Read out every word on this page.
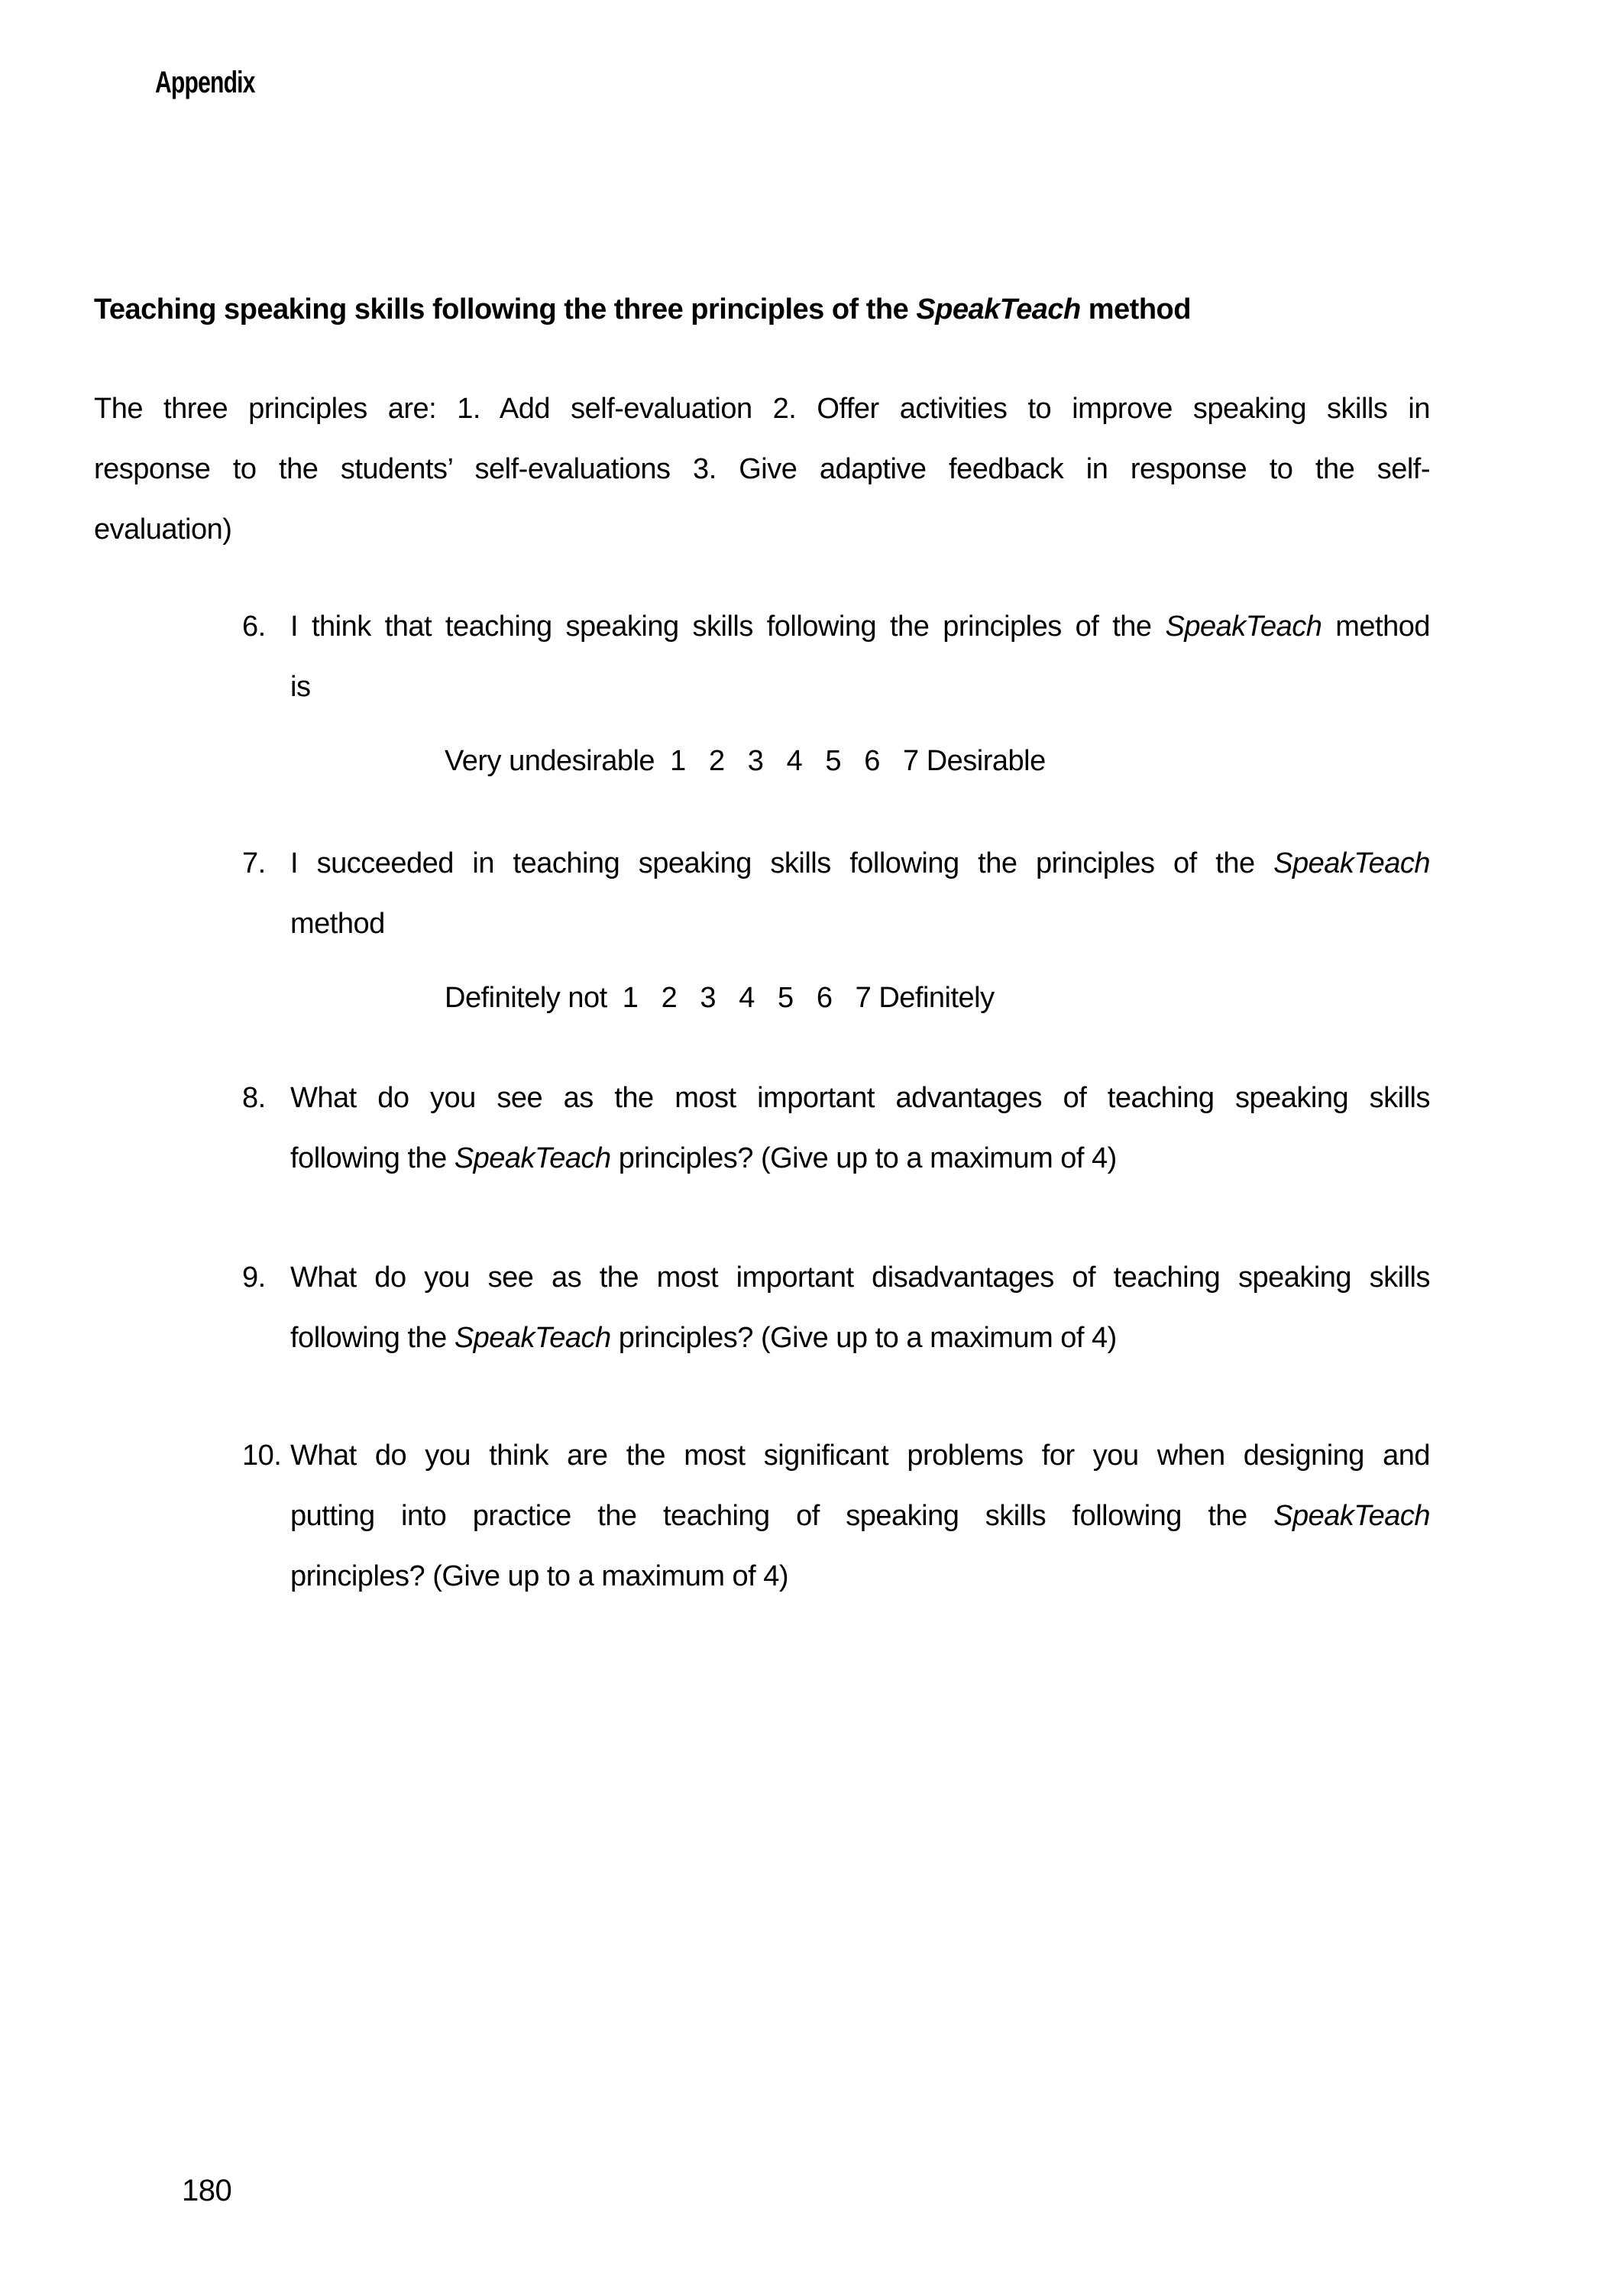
Appendix
Teaching speaking skills following the three principles of the SpeakTeach method
The three principles are: 1. Add self-evaluation 2. Offer activities to improve speaking skills in
response to the students’ self-evaluations 3. Give adaptive feedback in response to the self-
evaluation)
6. I think that teaching speaking skills following the principles of the SpeakTeach method
is
Very undesirable  1   2   3   4   5   6   7 Desirable
7. I succeeded in teaching speaking skills following the principles of the SpeakTeach
method
Definitely not  1   2   3   4   5   6   7 Definitely
8. What do you see as the most important advantages of teaching speaking skills
following the SpeakTeach principles? (Give up to a maximum of 4)
9. What do you see as the most important disadvantages of teaching speaking skills
following the SpeakTeach principles? (Give up to a maximum of 4)
10. What do you think are the most significant problems for you when designing and
putting into practice the teaching of speaking skills following the SpeakTeach
principles? (Give up to a maximum of 4)
180
